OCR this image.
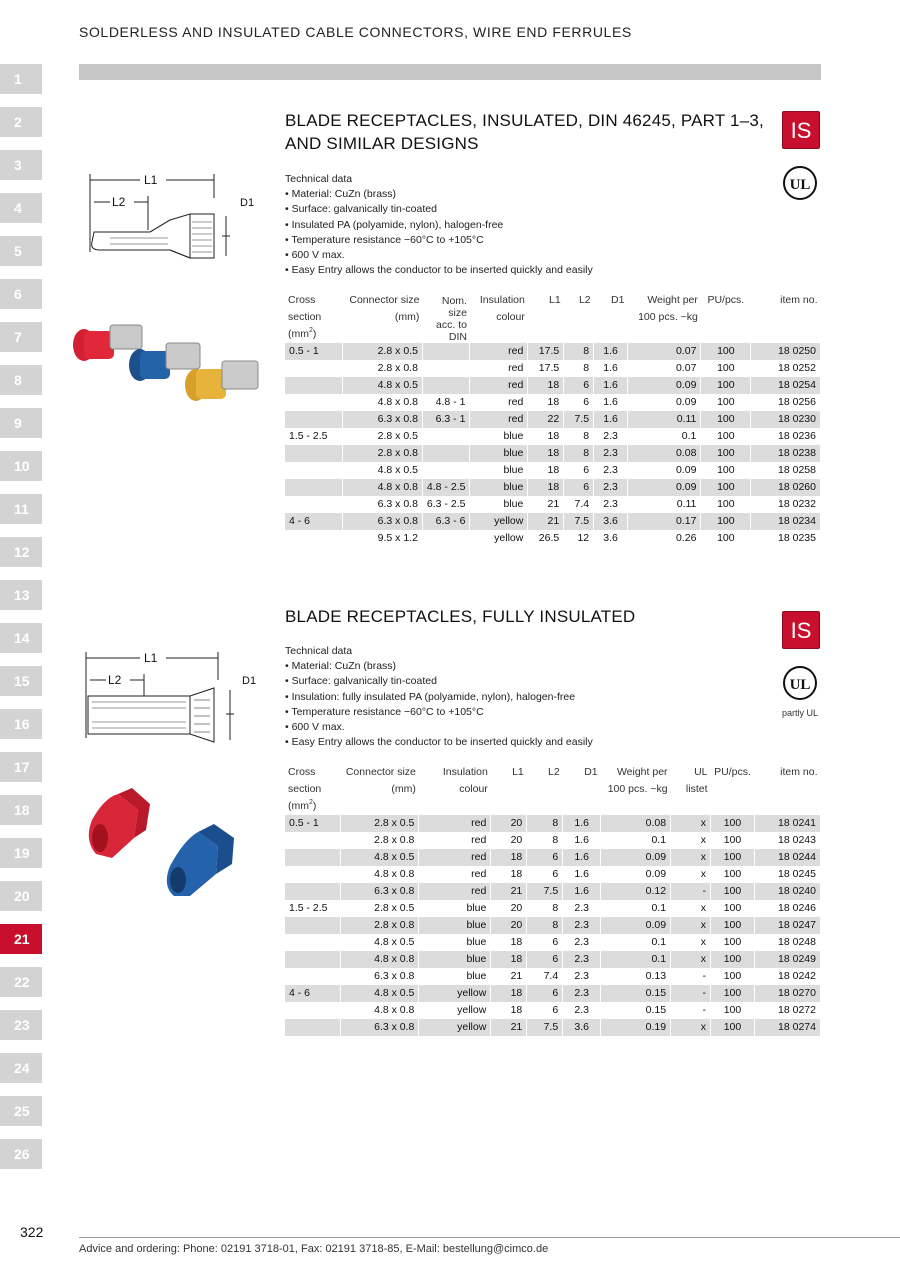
SOLDERLESS AND INSULATED CABLE CONNECTORS, WIRE END FERRULES
1
2
3
4
5
6
7
8
9
10
11
12
13
14
15
16
17
18
19
20
21
22
23
24
25
26
BLADE RECEPTACLES, INSULATED, DIN 46245, PART 1–3,
AND SIMILAR DESIGNS
IS
UL
L1
L2	D1
Technical data
• Material: CuZn (brass)
• Surface: galvanically tin-coated
• Insulated PA (polyamide, nylon), halogen-free
• Temperature resistance −60°C to +105°C
• 600 V max.
• Easy Entry allows the conductor to be inserted quickly and easily
Cross
section
$(mm^2)$	Connector size
(mm)	Nom.
size
acc. to
DIN	Insulation
colour	L1	L2	D1	Weight per
100 pcs. ~kg	PU/pcs.	item no.
0.5 - 1	2.8 x 0.5		red	17.5	8	1.6	0.07	100	18 0250
	2.8 x 0.8		red	17.5	8	1.6	0.07	100	18 0252
	4.8 x 0.5		red	18	6	1.6	0.09	100	18 0254
	4.8 x 0.8	4.8 - 1	red	18	6	1.6	0.09	100	18 0256
	6.3 x 0.8	6.3 - 1	red	22	7.5	1.6	0.11	100	18 0230
1.5 - 2.5	2.8 x 0.5		blue	18	8	2.3	0.1	100	18 0236
	2.8 x 0.8		blue	18	8	2.3	0.08	100	18 0238
	4.8 x 0.5		blue	18	6	2.3	0.09	100	18 0258
	4.8 x 0.8	4.8 - 2.5	blue	18	6	2.3	0.09	100	18 0260
	6.3 x 0.8	6.3 - 2.5	blue	21	7.4	2.3	0.11	100	18 0232
4 - 6	6.3 x 0.8	6.3 - 6	yellow	21	7.5	3.6	0.17	100	18 0234
	9.5 x 1.2		yellow	26.5	12	3.6	0.26	100	18 0235
BLADE RECEPTACLES, FULLY INSULATED
IS
UL
partly UL
L1
L2	D1
Technical data
• Material: CuZn (brass)
• Surface: galvanically tin-coated
• Insulation: fully insulated PA (polyamide, nylon), halogen-free
• Temperature resistance −60°C to +105°C
• 600 V max.
• Easy Entry allows the conductor to be inserted quickly and easily
Cross
section
$(mm^2)$	Connector size
(mm)	Insulation
colour	L1	L2	D1	Weight per
100 pcs. ~kg	UL
listet	PU/pcs.	item no.
0.5 - 1	2.8 x 0.5	red	20	8	1.6	0.08	x	100	18 0241
	2.8 x 0.8	red	20	8	1.6	0.1	x	100	18 0243
	4.8 x 0.5	red	18	6	1.6	0.09	x	100	18 0244
	4.8 x 0.8	red	18	6	1.6	0.09	x	100	18 0245
	6.3 x 0.8	red	21	7.5	1.6	0.12	-	100	18 0240
1.5 - 2.5	2.8 x 0.5	blue	20	8	2.3	0.1	x	100	18 0246
	2.8 x 0.8	blue	20	8	2.3	0.09	x	100	18 0247
	4.8 x 0.5	blue	18	6	2.3	0.1	x	100	18 0248
	4.8 x 0.8	blue	18	6	2.3	0.1	x	100	18 0249
	6.3 x 0.8	blue	21	7.4	2.3	0.13	-	100	18 0242
4 - 6	4.8 x 0.5	yellow	18	6	2.3	0.15	-	100	18 0270
	4.8 x 0.8	yellow	18	6	2.3	0.15	-	100	18 0272
	6.3 x 0.8	yellow	21	7.5	3.6	0.19	x	100	18 0274
322
Advice and ordering: Phone: 02191 3718-01, Fax: 02191 3718-85, E-Mail: bestellung@cimco.de
